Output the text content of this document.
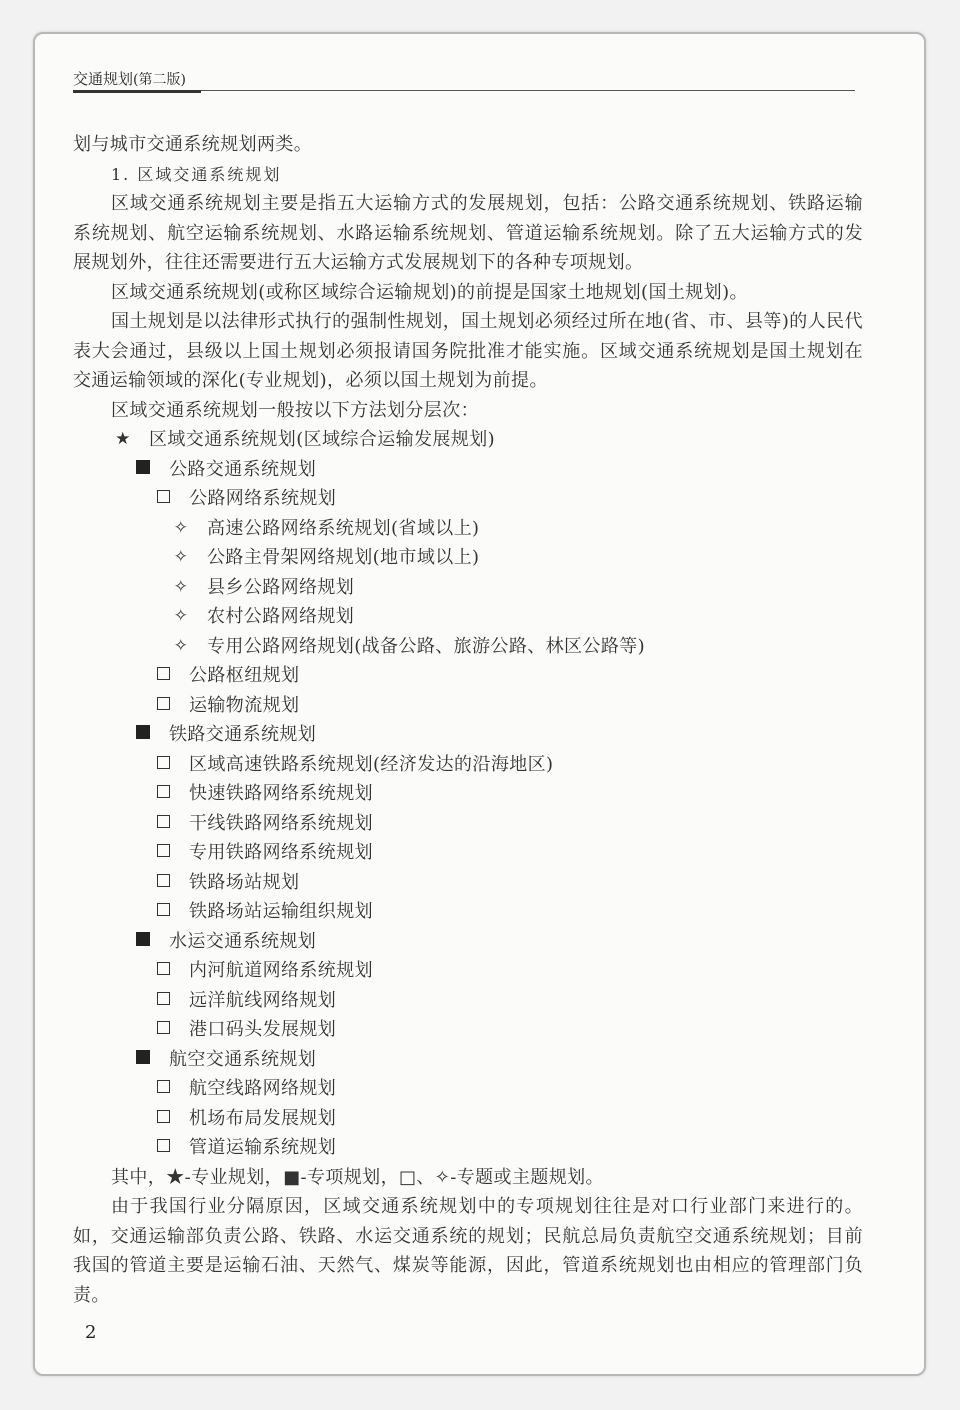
交通规划(第二版)

划与城市交通系统规划两类。

1. 区域交通系统规划

区域交通系统规划主要是指五大运输方式的发展规划，包括：公路交通系统规划、铁路运输系统规划、航空运输系统规划、水路运输系统规划、管道运输系统规划。除了五大运输方式的发展规划外，往往还需要进行五大运输方式发展规划下的各种专项规划。

区域交通系统规划(或称区域综合运输规划)的前提是国家土地规划(国土规划)。

国土规划是以法律形式执行的强制性规划，国土规划必须经过所在地(省、市、县等)的人民代表大会通过，县级以上国土规划必须报请国务院批准才能实施。区域交通系统规划是国土规划在交通运输领域的深化(专业规划)，必须以国土规划为前提。

区域交通系统规划一般按以下方法划分层次：

★ 区域交通系统规划(区域综合运输发展规划)
公路交通系统规划
公路网络系统规划
✧ 高速公路网络系统规划(省域以上)
✧ 公路主骨架网络规划(地市域以上)
✧ 县乡公路网络规划
✧ 农村公路网络规划
✧ 专用公路网络规划(战备公路、旅游公路、林区公路等)
公路枢纽规划
运输物流规划
铁路交通系统规划
区域高速铁路系统规划(经济发达的沿海地区)
快速铁路网络系统规划
干线铁路网络系统规划
专用铁路网络系统规划
铁路场站规划
铁路场站运输组织规划
水运交通系统规划
内河航道网络系统规划
远洋航线网络规划
港口码头发展规划
航空交通系统规划
航空线路网络规划
机场布局发展规划
管道运输系统规划

其中，★-专业规划，■-专项规划，□、✧-专题或主题规划。

由于我国行业分隔原因，区域交通系统规划中的专项规划往往是对口行业部门来进行的。如，交通运输部负责公路、铁路、水运交通系统的规划；民航总局负责航空交通系统规划；目前我国的管道主要是运输石油、天然气、煤炭等能源，因此，管道系统规划也由相应的管理部门负责。

2
